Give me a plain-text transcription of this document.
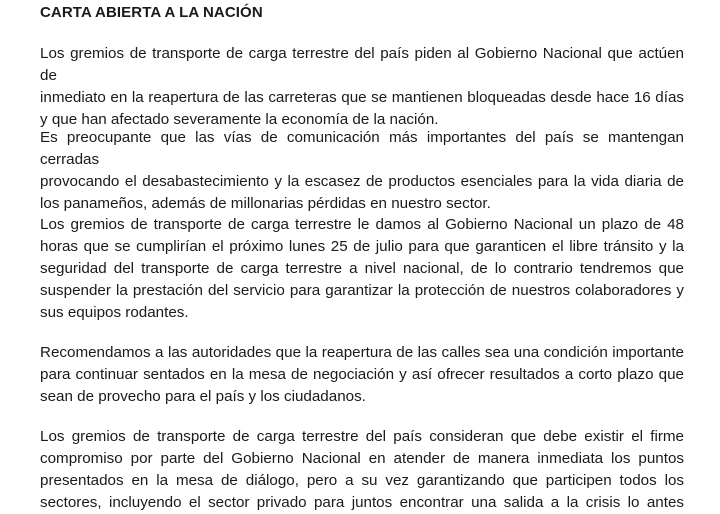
CARTA ABIERTA A LA NACIÓN
Los gremios de transporte de carga terrestre del país piden al Gobierno Nacional que actúen de
inmediato en la reapertura de las carreteras que se mantienen bloqueadas desde hace 16 días
y que han afectado severamente la economía de la nación.
Es preocupante que las vías de comunicación más importantes del país se mantengan cerradas
provocando el desabastecimiento y la escasez de productos esenciales para la vida diaria de
los panameños, además de millonarias pérdidas en nuestro sector.
Los gremios de transporte de carga terrestre le damos al Gobierno Nacional un plazo de 48
horas que se cumplirían el próximo lunes 25 de julio para que garanticen el libre tránsito y la
seguridad del transporte de carga terrestre a nivel nacional, de lo contrario tendremos que
suspender la prestación del servicio para garantizar la protección de nuestros colaboradores y
sus equipos rodantes.
Recomendamos a las autoridades que la reapertura de las calles sea una condición importante
para continuar sentados en la mesa de negociación y así ofrecer resultados a corto plazo que
sean de provecho para el país y los ciudadanos.
Los gremios de transporte de carga terrestre del país consideran que debe existir el firme
compromiso por parte del Gobierno Nacional en atender de manera inmediata los puntos
presentados en la mesa de diálogo, pero a su vez garantizando que participen todos los
sectores, incluyendo el sector privado para juntos encontrar una salida a la crisis lo antes
